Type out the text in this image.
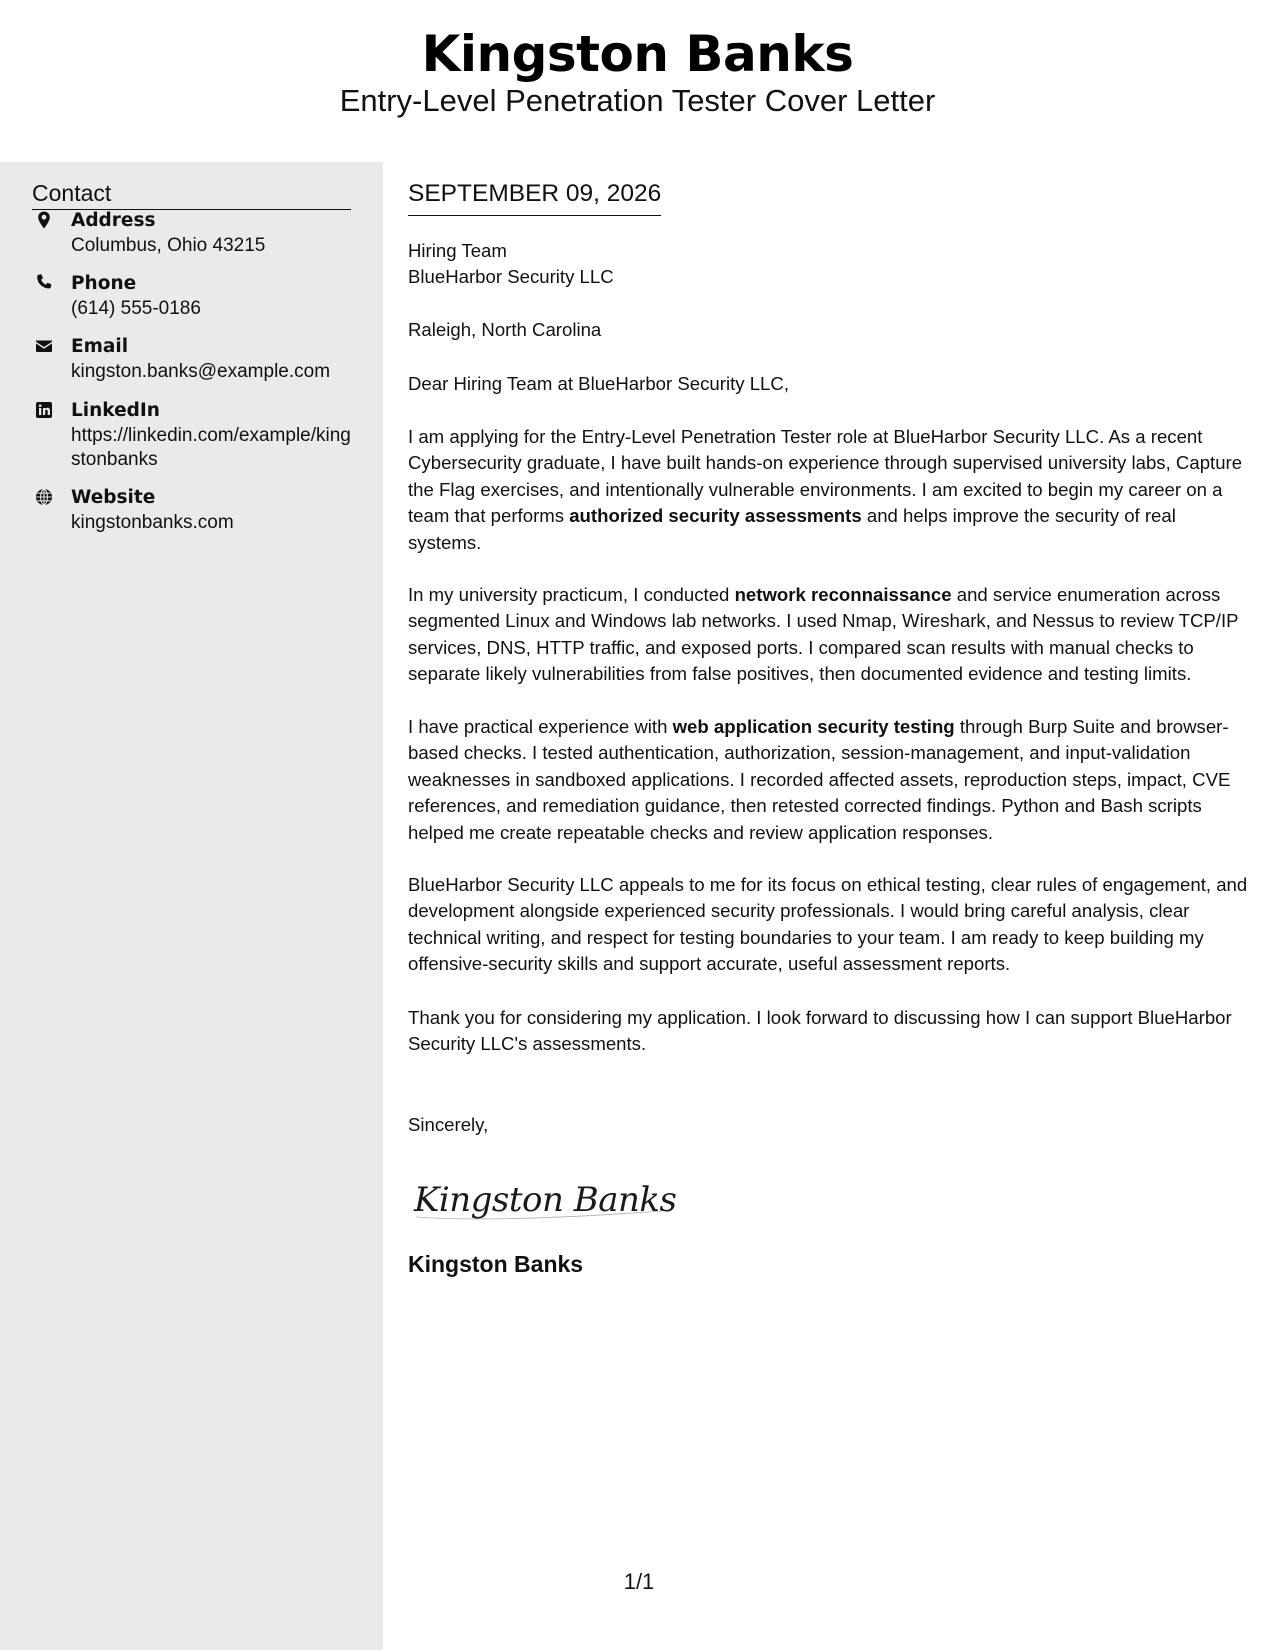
Kingston Banks
Entry-Level Penetration Tester Cover Letter
Contact
Address
Columbus, Ohio 43215
Phone
(614) 555-0186
Email
kingston.banks@example.com
LinkedIn
https://linkedin.com/example/kingstonbanks
Website
kingstonbanks.com
SEPTEMBER 09, 2026
Hiring Team
BlueHarbor Security LLC
Raleigh, North Carolina
Dear Hiring Team at BlueHarbor Security LLC,

I am applying for the Entry-Level Penetration Tester role at BlueHarbor Security LLC. As a recent Cybersecurity graduate, I have built hands-on experience through supervised university labs, Capture the Flag exercises, and intentionally vulnerable environments. I am excited to begin my career on a team that performs authorized security assessments and helps improve the security of real systems.

In my university practicum, I conducted network reconnaissance and service enumeration across segmented Linux and Windows lab networks. I used Nmap, Wireshark, and Nessus to review TCP/IP services, DNS, HTTP traffic, and exposed ports. I compared scan results with manual checks to separate likely vulnerabilities from false positives, then documented evidence and testing limits.

I have practical experience with web application security testing through Burp Suite and browser-based checks. I tested authentication, authorization, session-management, and input-validation weaknesses in sandboxed applications. I recorded affected assets, reproduction steps, impact, CVE references, and remediation guidance, then retested corrected findings. Python and Bash scripts helped me create repeatable checks and review application responses.

BlueHarbor Security LLC appeals to me for its focus on ethical testing, clear rules of engagement, and development alongside experienced security professionals. I would bring careful analysis, clear technical writing, and respect for testing boundaries to your team. I am ready to keep building my offensive-security skills and support accurate, useful assessment reports.

Thank you for considering my application. I look forward to discussing how I can support BlueHarbor Security LLC's assessments.

Sincerely,
Kingston Banks
Kingston Banks
1/1
